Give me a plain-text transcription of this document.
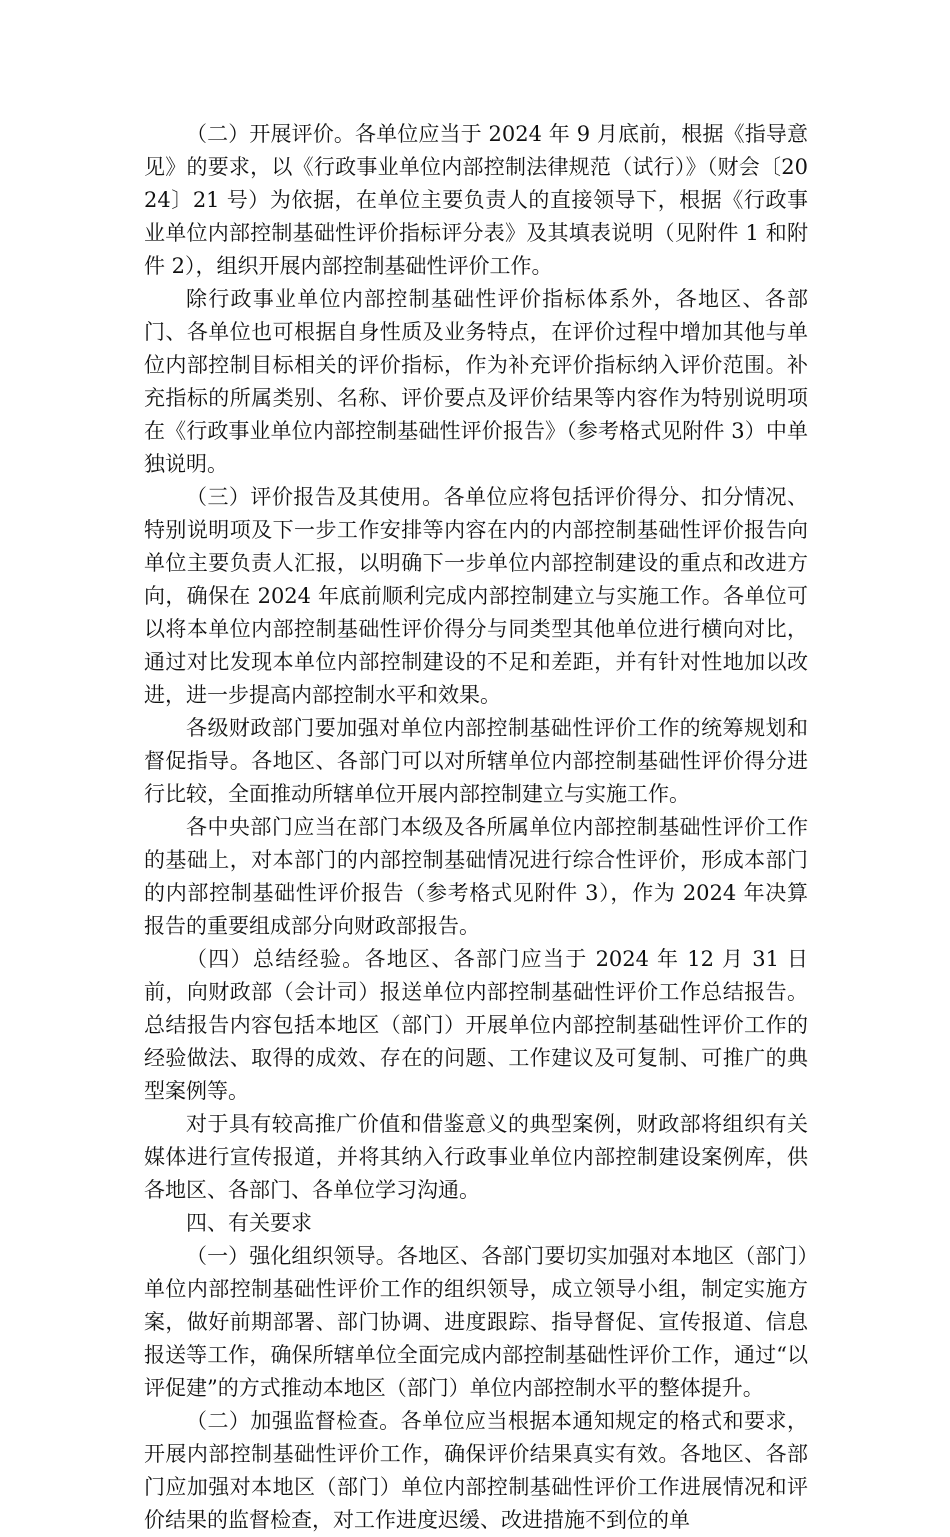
（二）开展评价。各单位应当于 2024 年 9 月底前，根据《指导意见》的要求，以《行政事业单位内部控制法律规范（试行）》（财会〔2024〕21 号）为依据，在单位主要负责人的直接领导下，根据《行政事业单位内部控制基础性评价指标评分表》及其填表说明（见附件 1 和附件 2），组织开展内部控制基础性评价工作。

除行政事业单位内部控制基础性评价指标体系外，各地区、各部门、各单位也可根据自身性质及业务特点，在评价过程中增加其他与单位内部控制目标相关的评价指标，作为补充评价指标纳入评价范围。补充指标的所属类别、名称、评价要点及评价结果等内容作为特别说明项在《行政事业单位内部控制基础性评价报告》（参考格式见附件 3）中单独说明。

（三）评价报告及其使用。各单位应将包括评价得分、扣分情况、特别说明项及下一步工作安排等内容在内的内部控制基础性评价报告向单位主要负责人汇报，以明确下一步单位内部控制建设的重点和改进方向，确保在 2024 年底前顺利完成内部控制建立与实施工作。各单位可以将本单位内部控制基础性评价得分与同类型其他单位进行横向对比，通过对比发现本单位内部控制建设的不足和差距，并有针对性地加以改进，进一步提高内部控制水平和效果。

各级财政部门要加强对单位内部控制基础性评价工作的统筹规划和督促指导。各地区、各部门可以对所辖单位内部控制基础性评价得分进行比较，全面推动所辖单位开展内部控制建立与实施工作。

各中央部门应当在部门本级及各所属单位内部控制基础性评价工作的基础上，对本部门的内部控制基础情况进行综合性评价，形成本部门的内部控制基础性评价报告（参考格式见附件 3），作为 2024 年决算报告的重要组成部分向财政部报告。

（四）总结经验。各地区、各部门应当于 2024 年 12 月 31 日前，向财政部（会计司）报送单位内部控制基础性评价工作总结报告。总结报告内容包括本地区（部门）开展单位内部控制基础性评价工作的经验做法、取得的成效、存在的问题、工作建议及可复制、可推广的典型案例等。

对于具有较高推广价值和借鉴意义的典型案例，财政部将组织有关媒体进行宣传报道，并将其纳入行政事业单位内部控制建设案例库，供各地区、各部门、各单位学习沟通。

四、有关要求

（一）强化组织领导。各地区、各部门要切实加强对本地区（部门）单位内部控制基础性评价工作的组织领导，成立领导小组，制定实施方案，做好前期部署、部门协调、进度跟踪、指导督促、宣传报道、信息报送等工作，确保所辖单位全面完成内部控制基础性评价工作，通过“以评促建”的方式推动本地区（部门）单位内部控制水平的整体提升。

（二）加强监督检查。各单位应当根据本通知规定的格式和要求，开展内部控制基础性评价工作，确保评价结果真实有效。各地区、各部门应加强对本地区（部门）单位内部控制基础性评价工作进展情况和评价结果的监督检查，对工作进度迟缓、改进措施不到位的单
